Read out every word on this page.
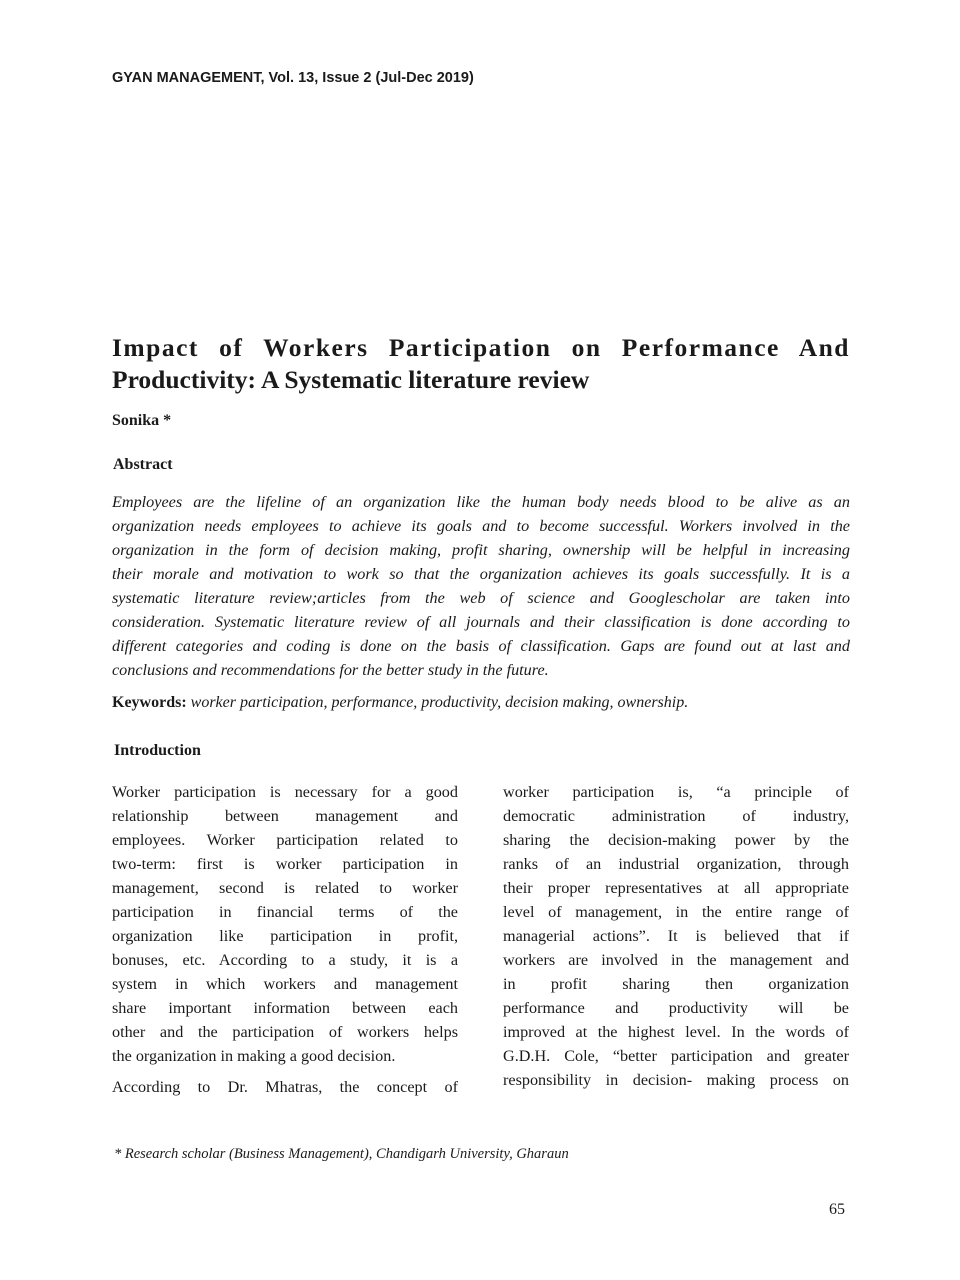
GYAN MANAGEMENT, Vol. 13, Issue 2 (Jul-Dec 2019)
Impact of Workers Participation on Performance And
Productivity: A Systematic literature review
Sonika *
Abstract
Employees are the lifeline of an organization like the human body needs blood to be alive as an
organization needs employees to achieve its goals and to become successful. Workers involved in the
organization in the form of decision making, profit sharing, ownership will be helpful in increasing
their morale and motivation to work so that the organization achieves its goals successfully. It is a
systematic literature review;articles from the web of science and Googlescholar are taken into
consideration. Systematic literature review of all journals and their classification is done according to
different categories and coding is done on the basis of classification. Gaps are found out at last and
conclusions and recommendations for the better study in the future.
Keywords: worker participation, performance, productivity, decision making, ownership.
Introduction
Worker participation is necessary for a good
relationship between management and
employees. Worker participation related to
two-term: first is worker participation in
management, second is related to worker
participation in financial terms of the
organization like participation in profit,
bonuses, etc. According to a study, it is a
system in which workers and management
share important information between each
other and the participation of workers helps
the organization in making a good decision.
According to Dr. Mhatras, the concept of
worker participation is, “a principle of
democratic administration of industry,
sharing the decision-making power by the
ranks of an industrial organization, through
their proper representatives at all appropriate
level of management, in the entire range of
managerial actions”. It is believed that if
workers are involved in the management and
in profit sharing then organization
performance and productivity will be
improved at the highest level. In the words of
G.D.H. Cole, “better participation and greater
responsibility in decision- making process on
* Research scholar (Business Management), Chandigarh University, Gharaun
65
